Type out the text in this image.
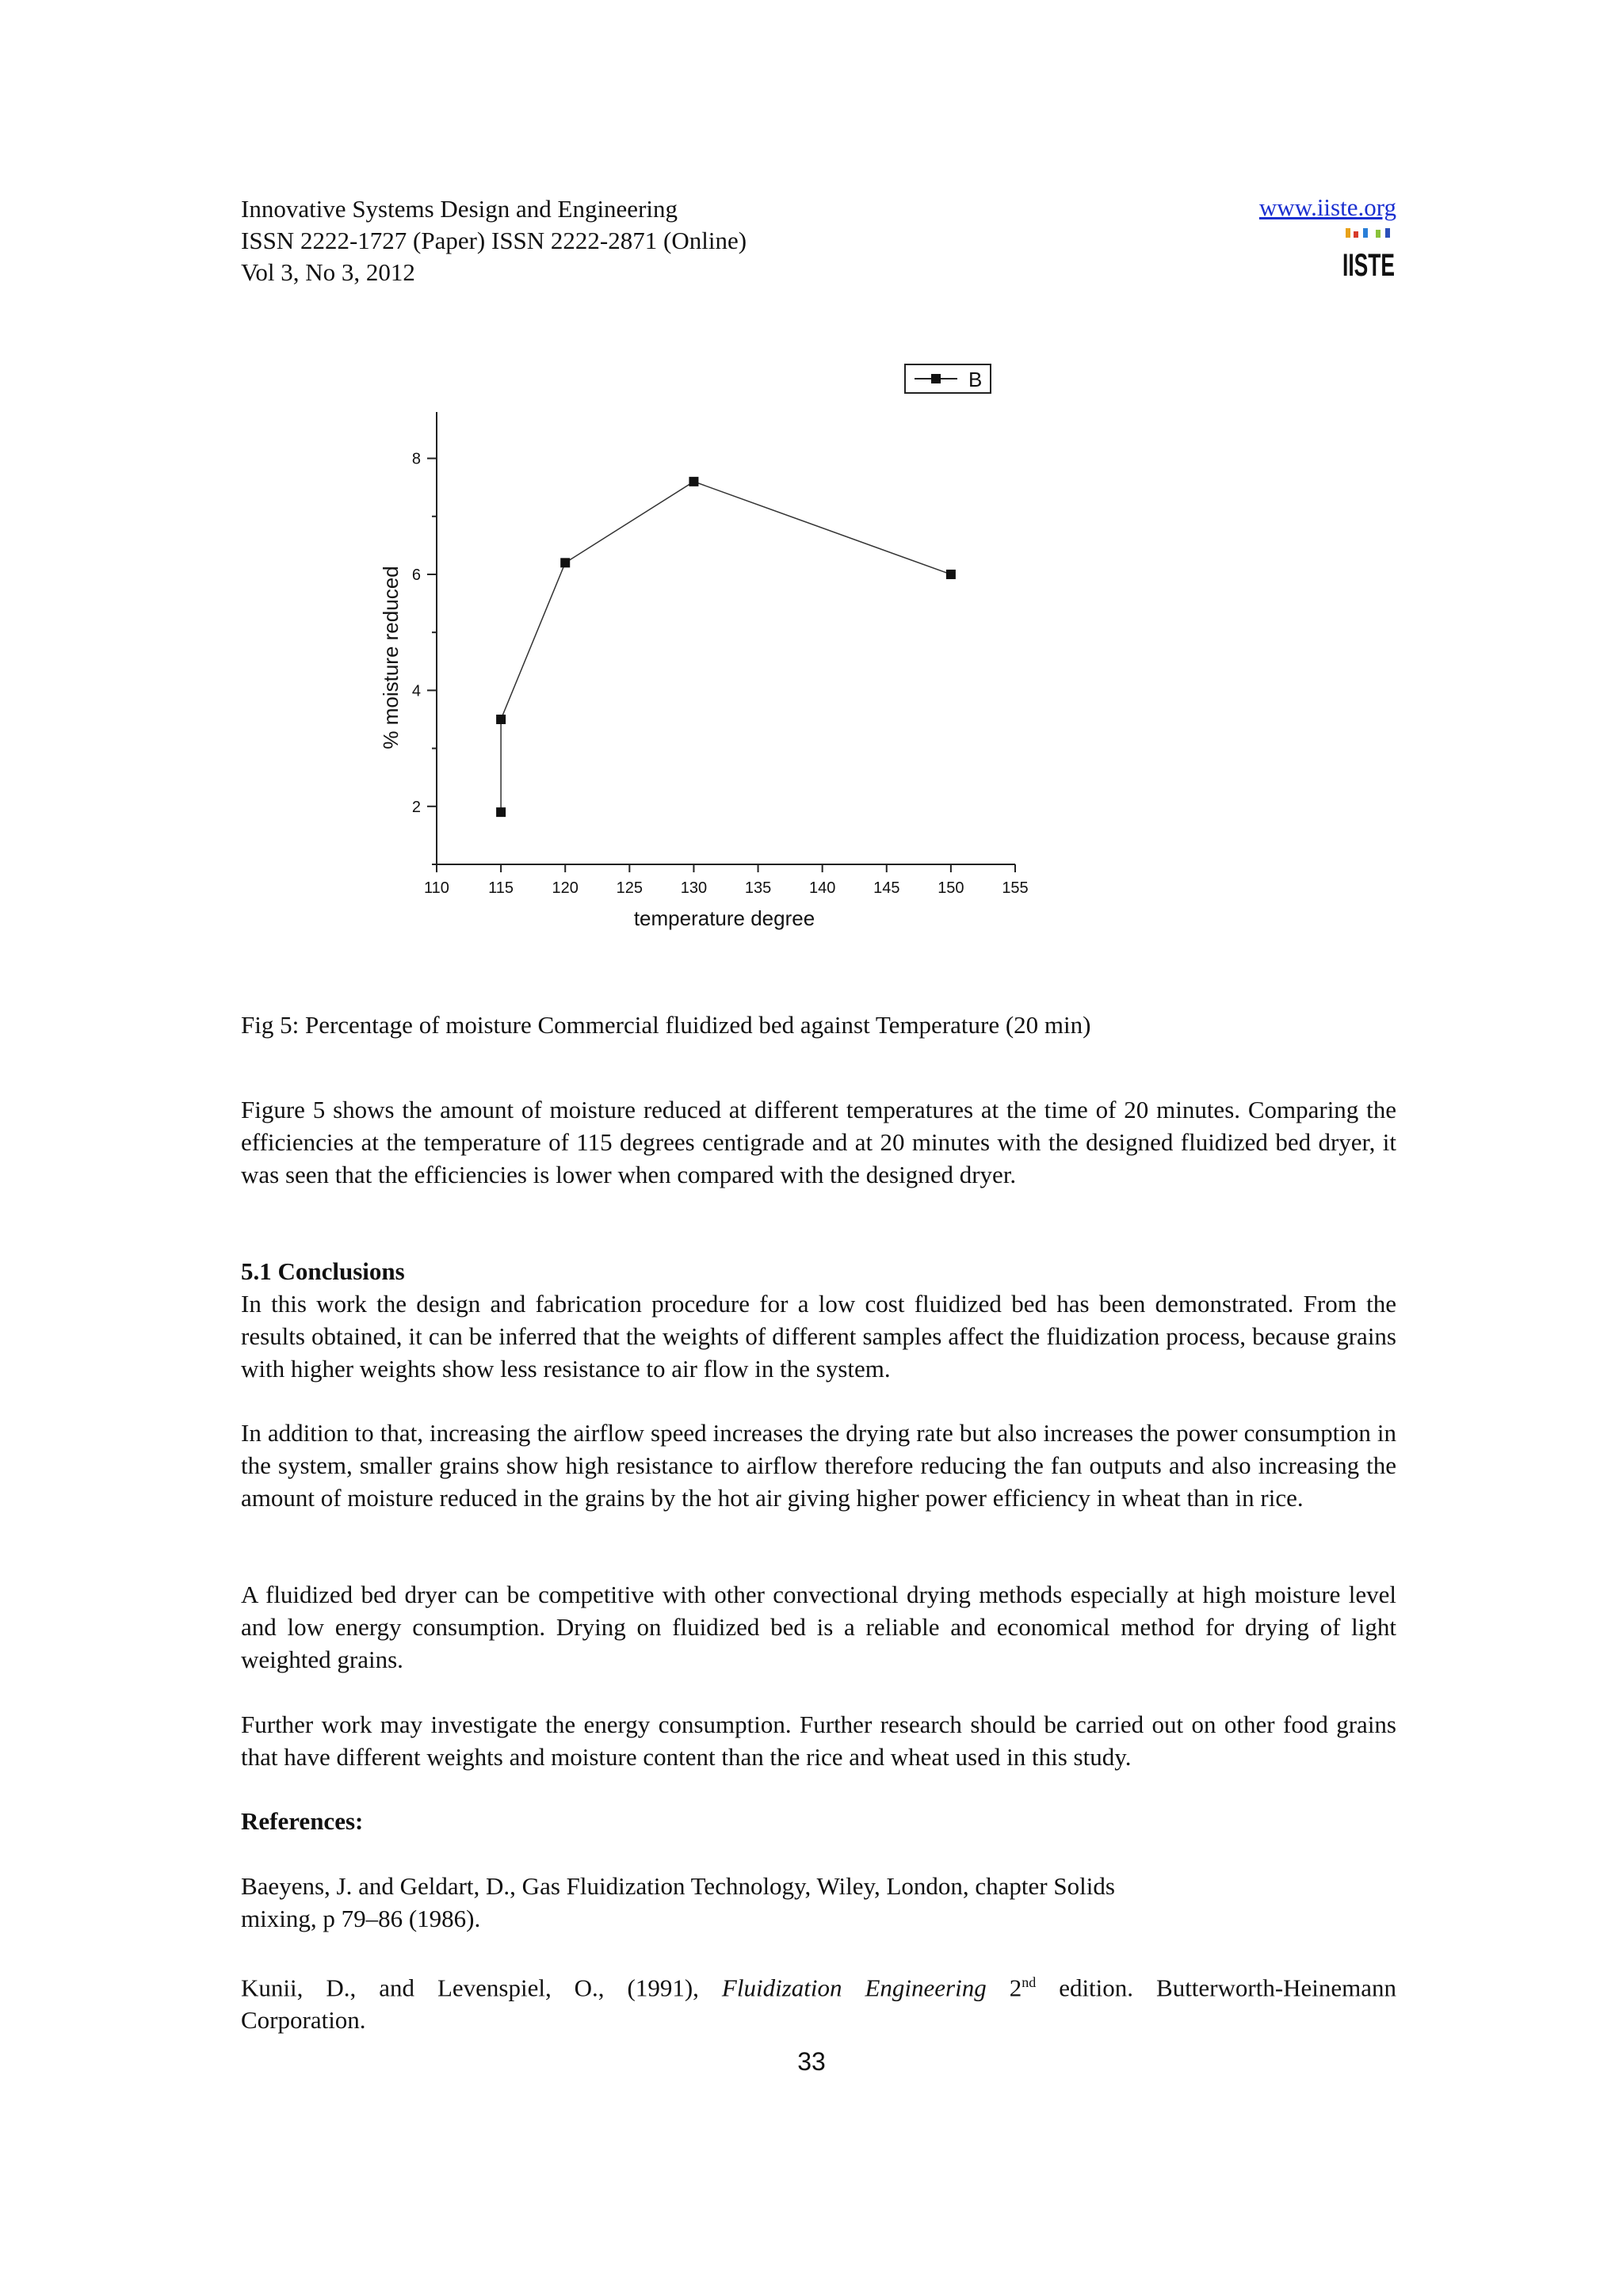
Innovative Systems Design and Engineering
ISSN 2222-1727 (Paper) ISSN 2222-2871 (Online)
Vol 3, No 3, 2012
www.iiste.org
IISTE
110 115 120 125 130 135 140 145 150 155
2
4
6
8
temperature degree
% moisture reduced
B
Fig 5: Percentage of moisture Commercial fluidized bed against Temperature (20 min)

Figure 5 shows the amount of moisture reduced at different temperatures at the time of 20 minutes. Comparing the efficiencies at the temperature of 115 degrees centigrade and at 20 minutes with the designed fluidized bed dryer, it was seen that the efficiencies is lower when compared with the designed dryer.

5.1 Conclusions

In this work the design and fabrication procedure for a low cost fluidized bed has been demonstrated. From the results obtained, it can be inferred that the weights of different samples affect the fluidization process, because grains with higher weights show less resistance to air flow in the system.

In addition to that, increasing the airflow speed increases the drying rate but also increases the power consumption in the system, smaller grains show high resistance to airflow therefore reducing the fan outputs and also increasing the amount of moisture reduced in the grains by the hot air giving higher power efficiency in wheat than in rice.
A fluidized bed dryer can be competitive with other convectional drying methods especially at high moisture level and low energy consumption. Drying on fluidized bed is a reliable and economical method for drying of light weighted grains.
Further work may investigate the energy consumption. Further research should be carried out on other food grains that have different weights and moisture content than the rice and wheat used in this study.

References:

Baeyens, J. and Geldart, D., Gas Fluidization Technology, Wiley, London, chapter Solids

mixing, p 79–86 (1986).

Kunii, D., and Levenspiel, O., (1991), Fluidization Engineering 2nd edition. Butterworth-Heinemann

Corporation.

33
